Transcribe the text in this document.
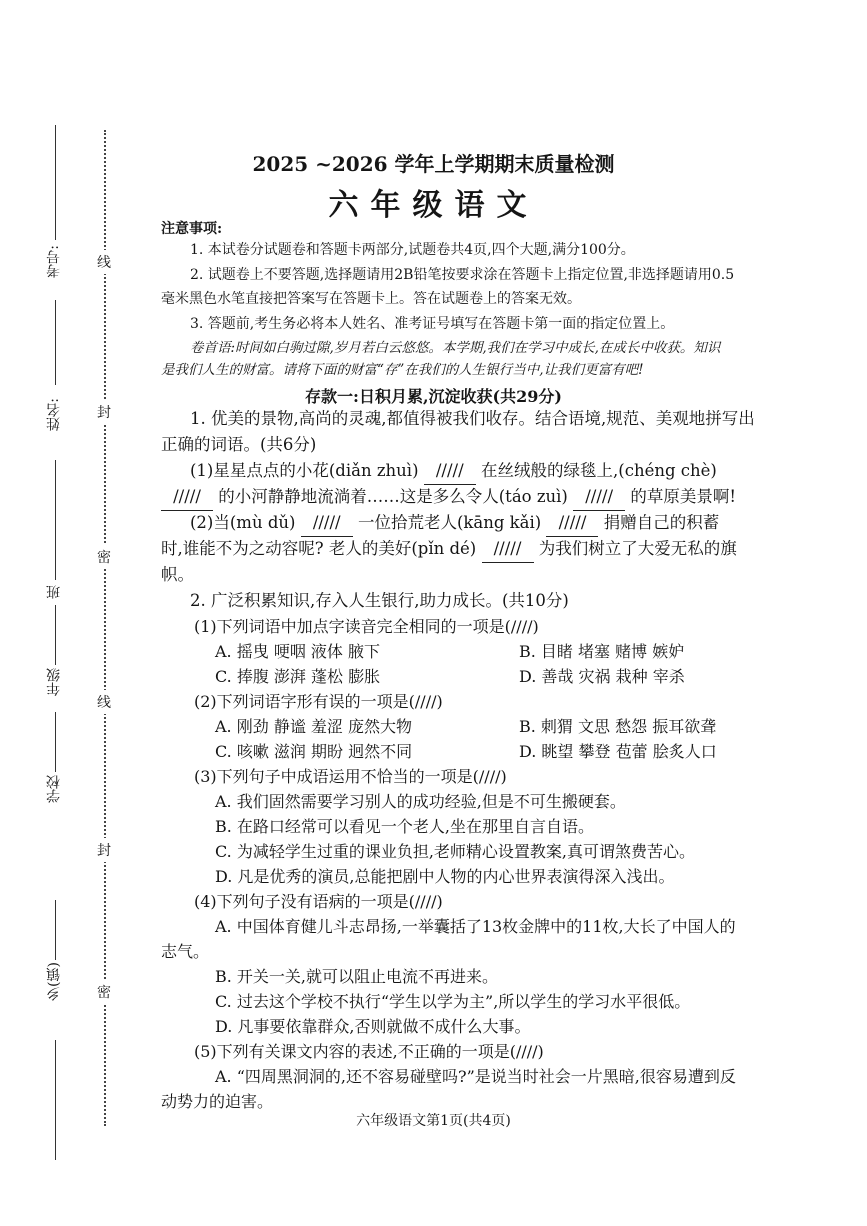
线
封
密
线
封
密
考号:
姓名:
班
年级
学校
乡(镇)
2025 ~2026 学年上学期期末质量检测
六年级语文
注意事项:
1. 本试卷分试题卷和答题卡两部分,试题卷共4页,四个大题,满分100分。
2. 试题卷上不要答题,选择题请用2B铅笔按要求涂在答题卡上指定位置,非选择题请用0.5
毫米黑色水笔直接把答案写在答题卡上。答在试题卷上的答案无效。
3. 答题前,考生务必将本人姓名、准考证号填写在答题卡第一面的指定位置上。
卷首语:时间如白驹过隙,岁月若白云悠悠。本学期,我们在学习中成长,在成长中收获。知识
是我们人生的财富。请将下面的财富“存”在我们的人生银行当中,让我们更富有吧!
存款一:日积月累,沉淀收获(共29分)
1. 优美的景物,高尚的灵魂,都值得被我们收存。结合语境,规范、美观地拼写出
正确的词语。(共6分)
(1)星星点点的小花(diǎn zhuì) ///// 在丝绒般的绿毯上,(chéng chè)
///// 的小河静静地流淌着……这是多么令人(táo zuì) ///// 的草原美景啊!
(2)当(mù dǔ) ///// 一位拾荒老人(kāng kǎi) ///// 捐赠自己的积蓄
时,谁能不为之动容呢? 老人的美好(pǐn dé) ///// 为我们树立了大爱无私的旗
帜。
2. 广泛积累知识,存入人生银行,助力成长。(共10分)
(1)下列词语中加点字读音完全相同的一项是(////)
A. 摇曳 哽咽 液体 腋下	B. 目睹 堵塞 赌博 嫉妒
C. 捧腹 澎湃 蓬松 膨胀	D. 善哉 灾祸 栽种 宰杀
(2)下列词语字形有误的一项是(////)
A. 刚劲 静谧 羞涩 庞然大物	B. 刺猬 文思 愁怨 振耳欲聋
C. 咳嗽 滋润 期盼 迥然不同	D. 眺望 攀登 苞蕾 脍炙人口
(3)下列句子中成语运用不恰当的一项是(////)
A. 我们固然需要学习别人的成功经验,但是不可生搬硬套。
B. 在路口经常可以看见一个老人,坐在那里自言自语。
C. 为减轻学生过重的课业负担,老师精心设置教案,真可谓煞费苦心。
D. 凡是优秀的演员,总能把剧中人物的内心世界表演得深入浅出。
(4)下列句子没有语病的一项是(////)
A. 中国体育健儿斗志昂扬,一举囊括了13枚金牌中的11枚,大长了中国人的
志气。
B. 开关一关,就可以阻止电流不再进来。
C. 过去这个学校不执行“学生以学为主”,所以学生的学习水平很低。
D. 凡事要依靠群众,否则就做不成什么大事。
(5)下列有关课文内容的表述,不正确的一项是(////)
A. “四周黑洞洞的,还不容易碰壁吗?”是说当时社会一片黑暗,很容易遭到反
动势力的迫害。
六年级语文第1页(共4页)
